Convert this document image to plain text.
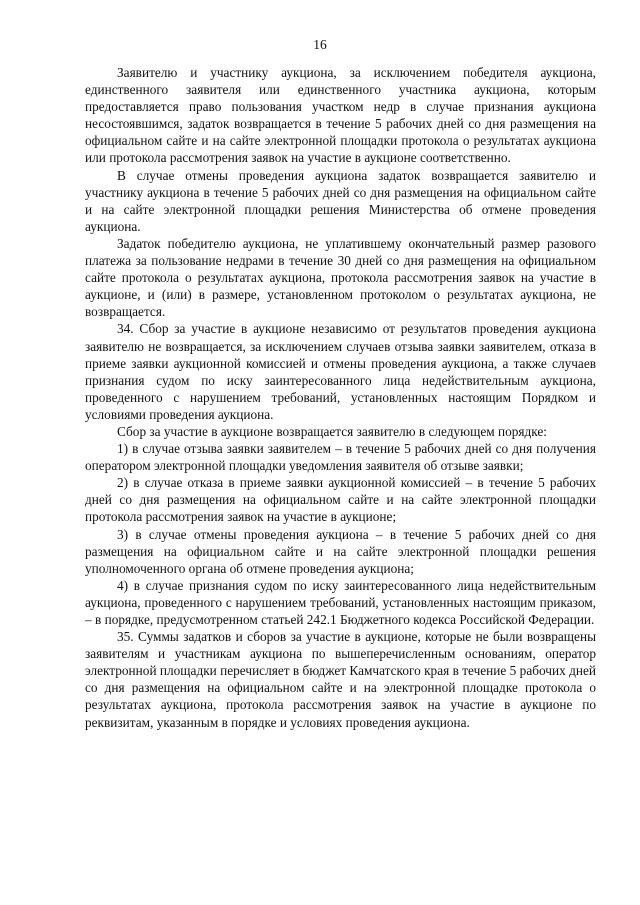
16

Заявителю и участнику аукциона, за исключением победителя аукциона, единственного заявителя или единственного участника аукциона, которым предоставляется право пользования участком недр в случае признания аукциона несостоявшимся, задаток возвращается в течение 5 рабочих дней со дня размещения на официальном сайте и на сайте электронной площадки протокола о результатах аукциона или протокола рассмотрения заявок на участие в аукционе соответственно.

В случае отмены проведения аукциона задаток возвращается заявителю и участнику аукциона в течение 5 рабочих дней со дня размещения на официальном сайте и на сайте электронной площадки решения Министерства об отмене проведения аукциона.

Задаток победителю аукциона, не уплатившему окончательный размер разового платежа за пользование недрами в течение 30 дней со дня размещения на официальном сайте протокола о результатах аукциона, протокола рассмотрения заявок на участие в аукционе, и (или) в размере, установленном протоколом о результатах аукциона, не возвращается.

34. Сбор за участие в аукционе независимо от результатов проведения аукциона заявителю не возвращается, за исключением случаев отзыва заявки заявителем, отказа в приеме заявки аукционной комиссией и отмены проведения аукциона, а также случаев признания судом по иску заинтересованного лица недействительным аукциона, проведенного с нарушением требований, установленных настоящим Порядком и условиями проведения аукциона.

Сбор за участие в аукционе возвращается заявителю в следующем порядке:

1) в случае отзыва заявки заявителем – в течение 5 рабочих дней со дня получения оператором электронной площадки уведомления заявителя об отзыве заявки;

2) в случае отказа в приеме заявки аукционной комиссией – в течение 5 рабочих дней со дня размещения на официальном сайте и на сайте электронной площадки протокола рассмотрения заявок на участие в аукционе;

3) в случае отмены проведения аукциона – в течение 5 рабочих дней со дня размещения на официальном сайте и на сайте электронной площадки решения уполномоченного органа об отмене проведения аукциона;

4) в случае признания судом по иску заинтересованного лица недействительным аукциона, проведенного с нарушением требований, установленных настоящим приказом, – в порядке, предусмотренном статьей 242.1 Бюджетного кодекса Российской Федерации.

35. Суммы задатков и сборов за участие в аукционе, которые не были возвращены заявителям и участникам аукциона по вышеперечисленным основаниям, оператор электронной площадки перечисляет в бюджет Камчатского края в течение 5 рабочих дней со дня размещения на официальном сайте и на электронной площадке протокола о результатах аукциона, протокола рассмотрения заявок на участие в аукционе по реквизитам, указанным в порядке и условиях проведения аукциона.
